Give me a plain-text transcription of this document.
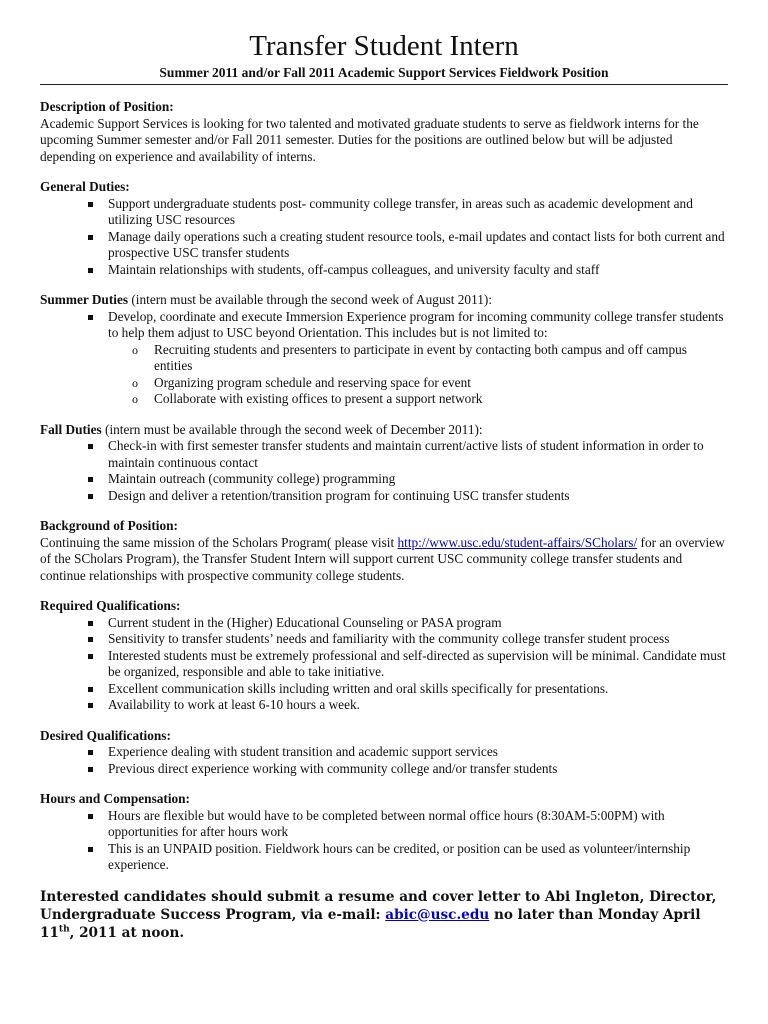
Transfer Student Intern
Summer 2011 and/or Fall 2011 Academic Support Services Fieldwork Position
Description of Position:

Academic Support Services is looking for two talented and motivated graduate students to serve as fieldwork interns for the upcoming Summer semester and/or Fall 2011 semester. Duties for the positions are outlined below but will be adjusted depending on experience and availability of interns.

General Duties:
Support undergraduate students post- community college transfer, in areas such as academic development and utilizing USC resources
Manage daily operations such a creating student resource tools, e-mail updates and contact lists for both current and prospective USC transfer students
Maintain relationships with students, off-campus colleagues, and university faculty and staff
Summer Duties (intern must be available through the second week of August 2011):
Develop, coordinate and execute Immersion Experience program for incoming community college transfer students to help them adjust to USC beyond Orientation. This includes but is not limited to:
o Recruiting students and presenters to participate in event by contacting both campus and off campus entities
o Organizing program schedule and reserving space for event
o Collaborate with existing offices to present a support network
Fall Duties (intern must be available through the second week of December 2011):
Check-in with first semester transfer students and maintain current/active lists of student information in order to maintain continuous contact
Maintain outreach (community college) programming
Design and deliver a retention/transition program for continuing USC transfer students
Background of Position:

Continuing the same mission of the Scholars Program( please visit http://www.usc.edu/student-affairs/SCholars/ for an overview of the SCholars Program), the Transfer Student Intern will support current USC community college transfer students and continue relationships with prospective community college students.

Required Qualifications:
Current student in the (Higher) Educational Counseling or PASA program
Sensitivity to transfer students’ needs and familiarity with the community college transfer student process
Interested students must be extremely professional and self-directed as supervision will be minimal. Candidate must be organized, responsible and able to take initiative.
Excellent communication skills including written and oral skills specifically for presentations.
Availability to work at least 6-10 hours a week.
Desired Qualifications:
Experience dealing with student transition and academic support services
Previous direct experience working with community college and/or transfer students
Hours and Compensation:
Hours are flexible but would have to be completed between normal office hours (8:30AM-5:00PM) with opportunities for after hours work
This is an UNPAID position. Fieldwork hours can be credited, or position can be used as volunteer/internship experience.
Interested candidates should submit a resume and cover letter to Abi Ingleton, Director, Undergraduate Success Program, via e-mail: abic@usc.edu no later than Monday April 11th, 2011 at noon.
